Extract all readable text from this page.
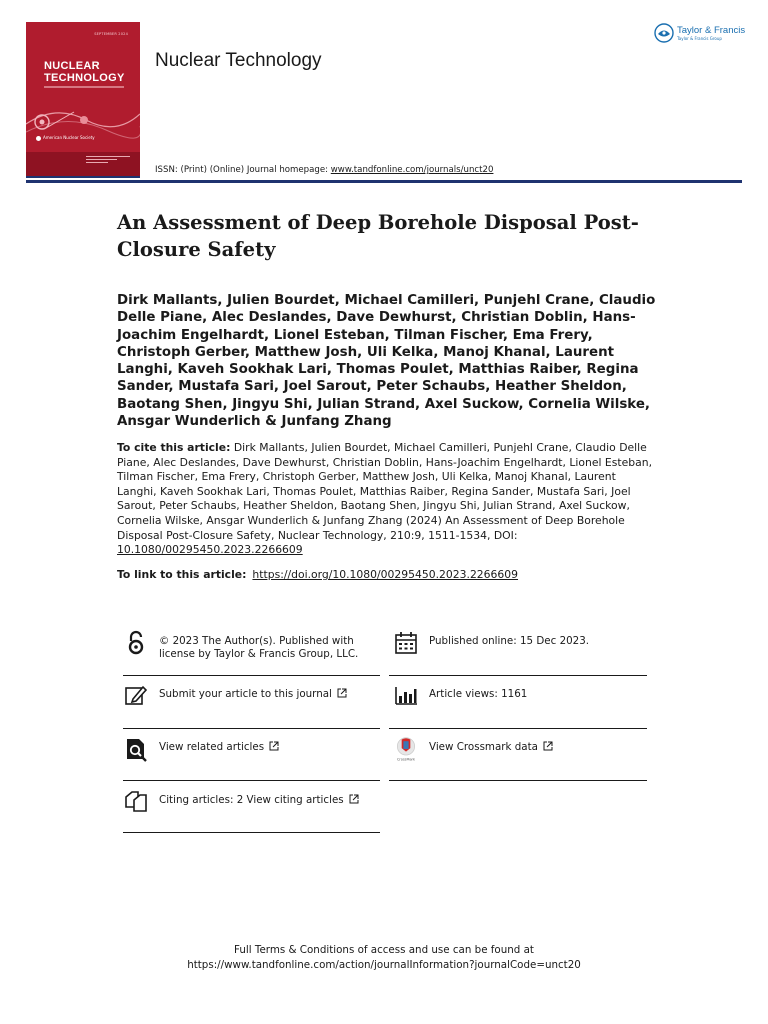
SEPTEMBER 2024
NUCLEAR
TECHNOLOGY
American Nuclear Society
Nuclear Technology
ISSN: (Print) (Online) Journal homepage: www.tandfonline.com/journals/unct20
Taylor & Francis
Taylor & Francis Group
An Assessment of Deep Borehole Disposal Post-Closure Safety
Dirk Mallants, Julien Bourdet, Michael Camilleri, Punjehl Crane, Claudio Delle Piane, Alec Deslandes, Dave Dewhurst, Christian Doblin, Hans-Joachim Engelhardt, Lionel Esteban, Tilman Fischer, Ema Frery, Christoph Gerber, Matthew Josh, Uli Kelka, Manoj Khanal, Laurent Langhi, Kaveh Sookhak Lari, Thomas Poulet, Matthias Raiber, Regina Sander, Mustafa Sari, Joel Sarout, Peter Schaubs, Heather Sheldon, Baotang Shen, Jingyu Shi, Julian Strand, Axel Suckow, Cornelia Wilske, Ansgar Wunderlich & Junfang Zhang
To cite this article: Dirk Mallants, Julien Bourdet, Michael Camilleri, Punjehl Crane, Claudio Delle Piane, Alec Deslandes, Dave Dewhurst, Christian Doblin, Hans-Joachim Engelhardt, Lionel Esteban, Tilman Fischer, Ema Frery, Christoph Gerber, Matthew Josh, Uli Kelka, Manoj Khanal, Laurent Langhi, Kaveh Sookhak Lari, Thomas Poulet, Matthias Raiber, Regina Sander, Mustafa Sari, Joel Sarout, Peter Schaubs, Heather Sheldon, Baotang Shen, Jingyu Shi, Julian Strand, Axel Suckow, Cornelia Wilske, Ansgar Wunderlich & Junfang Zhang (2024) An Assessment of Deep Borehole Disposal Post-Closure Safety, Nuclear Technology, 210:9, 1511-1534, DOI: 10.1080/00295450.2023.2266609
To link to this article: https://doi.org/10.1080/00295450.2023.2266609
© 2023 The Author(s). Published with license by Taylor & Francis Group, LLC.
Published online: 15 Dec 2023.
Submit your article to this journal	Article views: 1161
View related articles
CrossMark
View Crossmark data
Citing articles: 2 View citing articles
Full Terms & Conditions of access and use can be found at
https://www.tandfonline.com/action/journalInformation?journalCode=unct20
